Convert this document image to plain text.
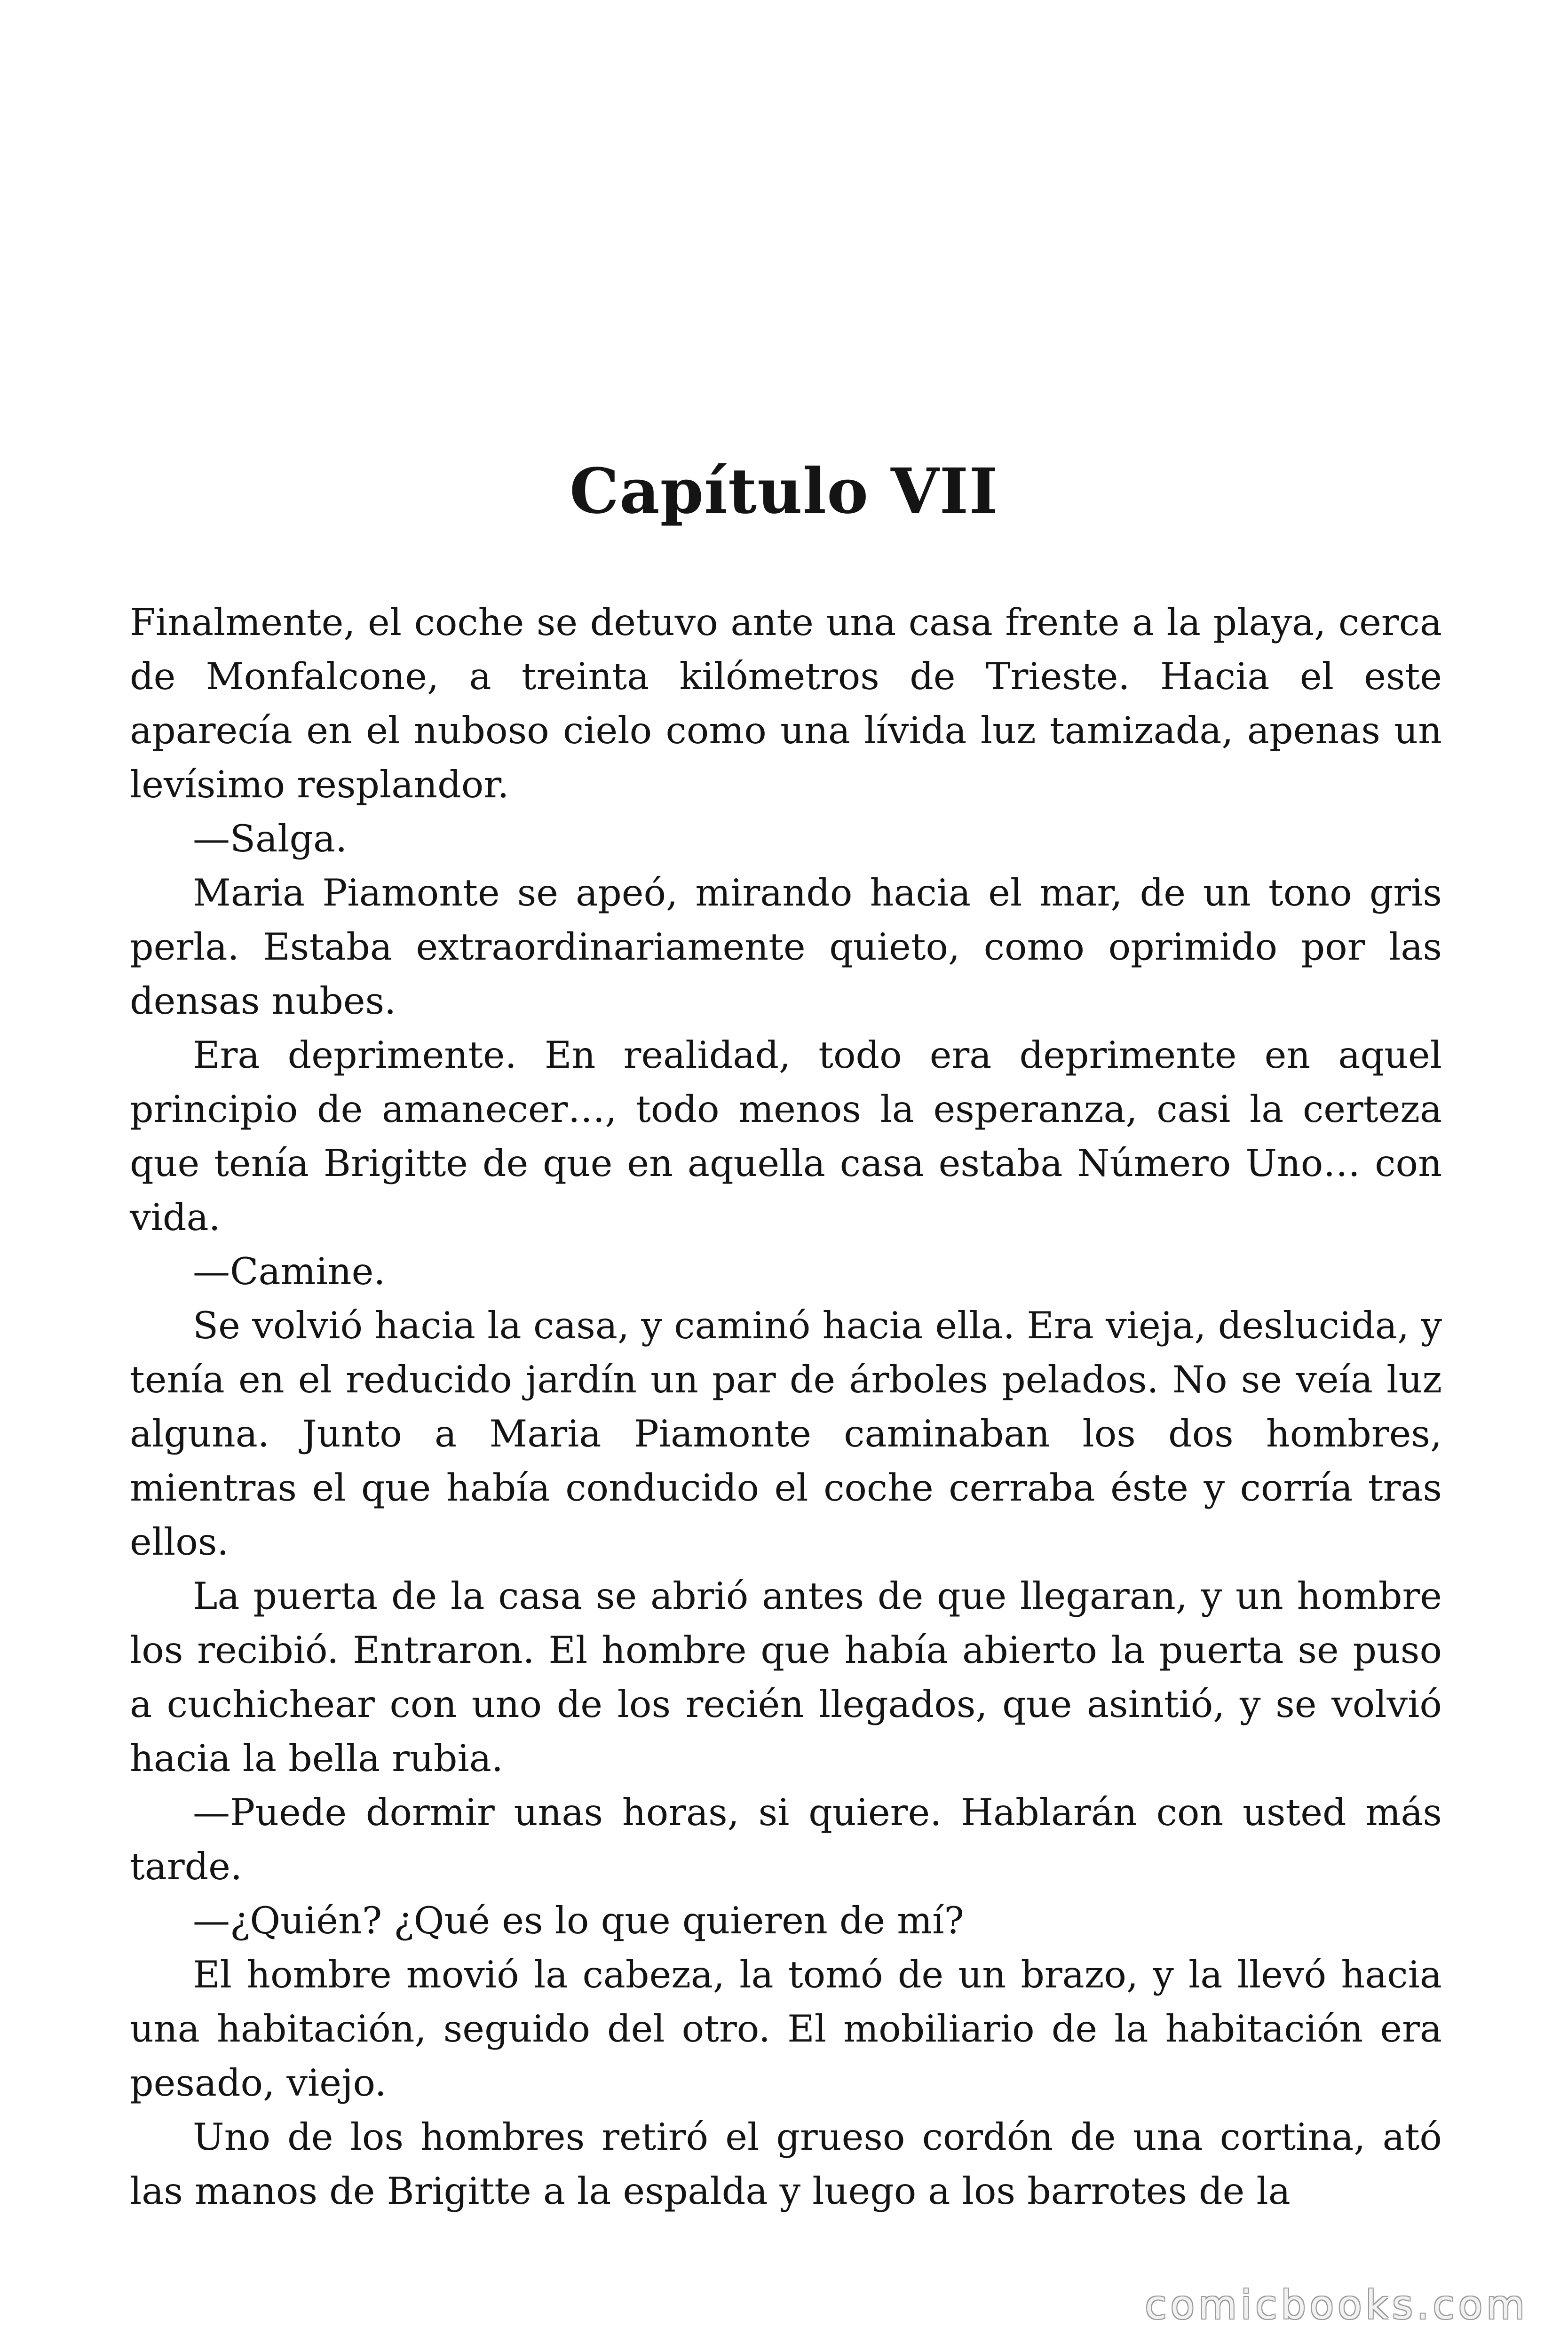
Capítulo VII

Finalmente, el coche se detuvo ante una casa frente a la playa, cerca de Monfalcone, a treinta kilómetros de Trieste. Hacia el este aparecía en el nuboso cielo como una lívida luz tamizada, apenas un levísimo resplandor.

—Salga.

Maria Piamonte se apeó, mirando hacia el mar, de un tono gris perla. Estaba extraordinariamente quieto, como oprimido por las densas nubes.

Era deprimente. En realidad, todo era deprimente en aquel principio de amanecer…, todo menos la esperanza, casi la certeza que tenía Brigitte de que en aquella casa estaba Número Uno… con vida.

—Camine.

Se volvió hacia la casa, y caminó hacia ella. Era vieja, deslucida, y tenía en el reducido jardín un par de árboles pelados. No se veía luz alguna. Junto a Maria Piamonte caminaban los dos hombres, mientras el que había conducido el coche cerraba éste y corría tras ellos.

La puerta de la casa se abrió antes de que llegaran, y un hombre los recibió. Entraron. El hombre que había abierto la puerta se puso a cuchichear con uno de los recién llegados, que asintió, y se volvió hacia la bella rubia.

—Puede dormir unas horas, si quiere. Hablarán con usted más tarde.

—¿Quién? ¿Qué es lo que quieren de mí?

El hombre movió la cabeza, la tomó de un brazo, y la llevó hacia una habitación, seguido del otro. El mobiliario de la habitación era pesado, viejo.

Uno de los hombres retiró el grueso cordón de una cortina, ató las manos de Brigitte a la espalda y luego a los barrotes de la

comicbooks.com
